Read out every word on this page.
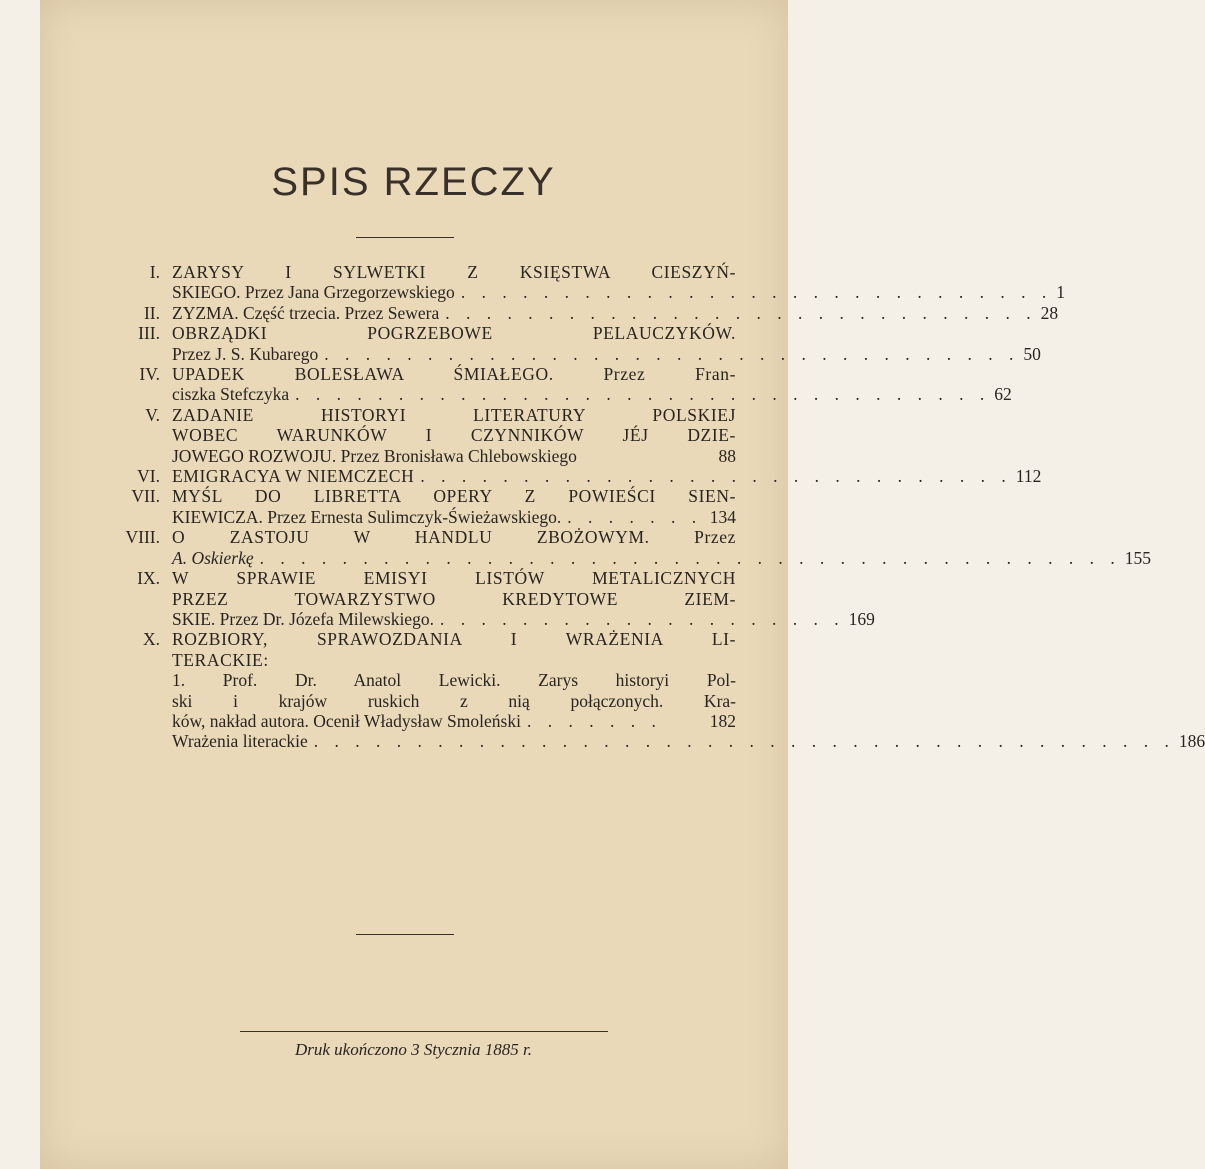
SPIS RZECZY
I. ZARYSY I SYLWETKI Z KSIĘSTWA CIESZYŃ-
SKIEGO. Przez Jana Grzegorzewskiego . . . . . . . . . . . . . . . . . . . . . . . . . . . . . 1
II. ZYZMA. Część trzecia. Przez Sewera . . . . . . . . . . . . . . . . . . . . . . . . . . . . . 28
III. OBRZĄDKI POGRZEBOWE PELAUCZYKÓW.
Przez J. S. Kubarego . . . . . . . . . . . . . . . . . . . . . . . . . . . . . . . . . . 50
IV. UPADEK BOLESŁAWA ŚMIAŁEGO. Przez Fran-
ciszka Stefczyka . . . . . . . . . . . . . . . . . . . . . . . . . . . . . . . . . . 62
V. ZADANIE HISTORYI LITERATURY POLSKIEJ
WOBEC WARUNKÓW I CZYNNIKÓW JÉJ DZIE-
JOWEGO ROZWOJU. Przez Bronisława Chlebowskiego	88
VI. EMIGRACYA W NIEMCZECH . . . . . . . . . . . . . . . . . . . . . . . . . . . . . 112
VII. MYŚL DO LIBRETTA OPERY Z POWIEŚCI SIEN-
KIEWICZA. Przez Ernesta Sulimczyk-Świeżawskiego. . . . . . . . 134
VIII. O ZASTOJU W HANDLU ZBOŻOWYM. Przez
A. Oskierkę . . . . . . . . . . . . . . . . . . . . . . . . . . . . . . . . . . . . . . . . . . 155
IX. W SPRAWIE EMISYI LISTÓW METALICZNYCH
PRZEZ TOWARZYSTWO KREDYTOWE ZIEM-
SKIE. Przez Dr. Józefa Milewskiego. . . . . . . . . . . . . . . . . . . . . 169
X. ROZBIORY, SPRAWOZDANIA I WRAŻENIA LI-
TERACKIE:
1. Prof. Dr. Anatol Lewicki. Zarys historyi Pol-
ski i krajów ruskich z nią połączonych. Kra-
ków, nakład autora. Ocenił Władysław Smoleński . . . . . . .	182
Wrażenia literackie . . . . . . . . . . . . . . . . . . . . . . . . . . . . . . . . . . . . . . . . . . 186
Druk ukończono 3 Stycznia 1885 r.
